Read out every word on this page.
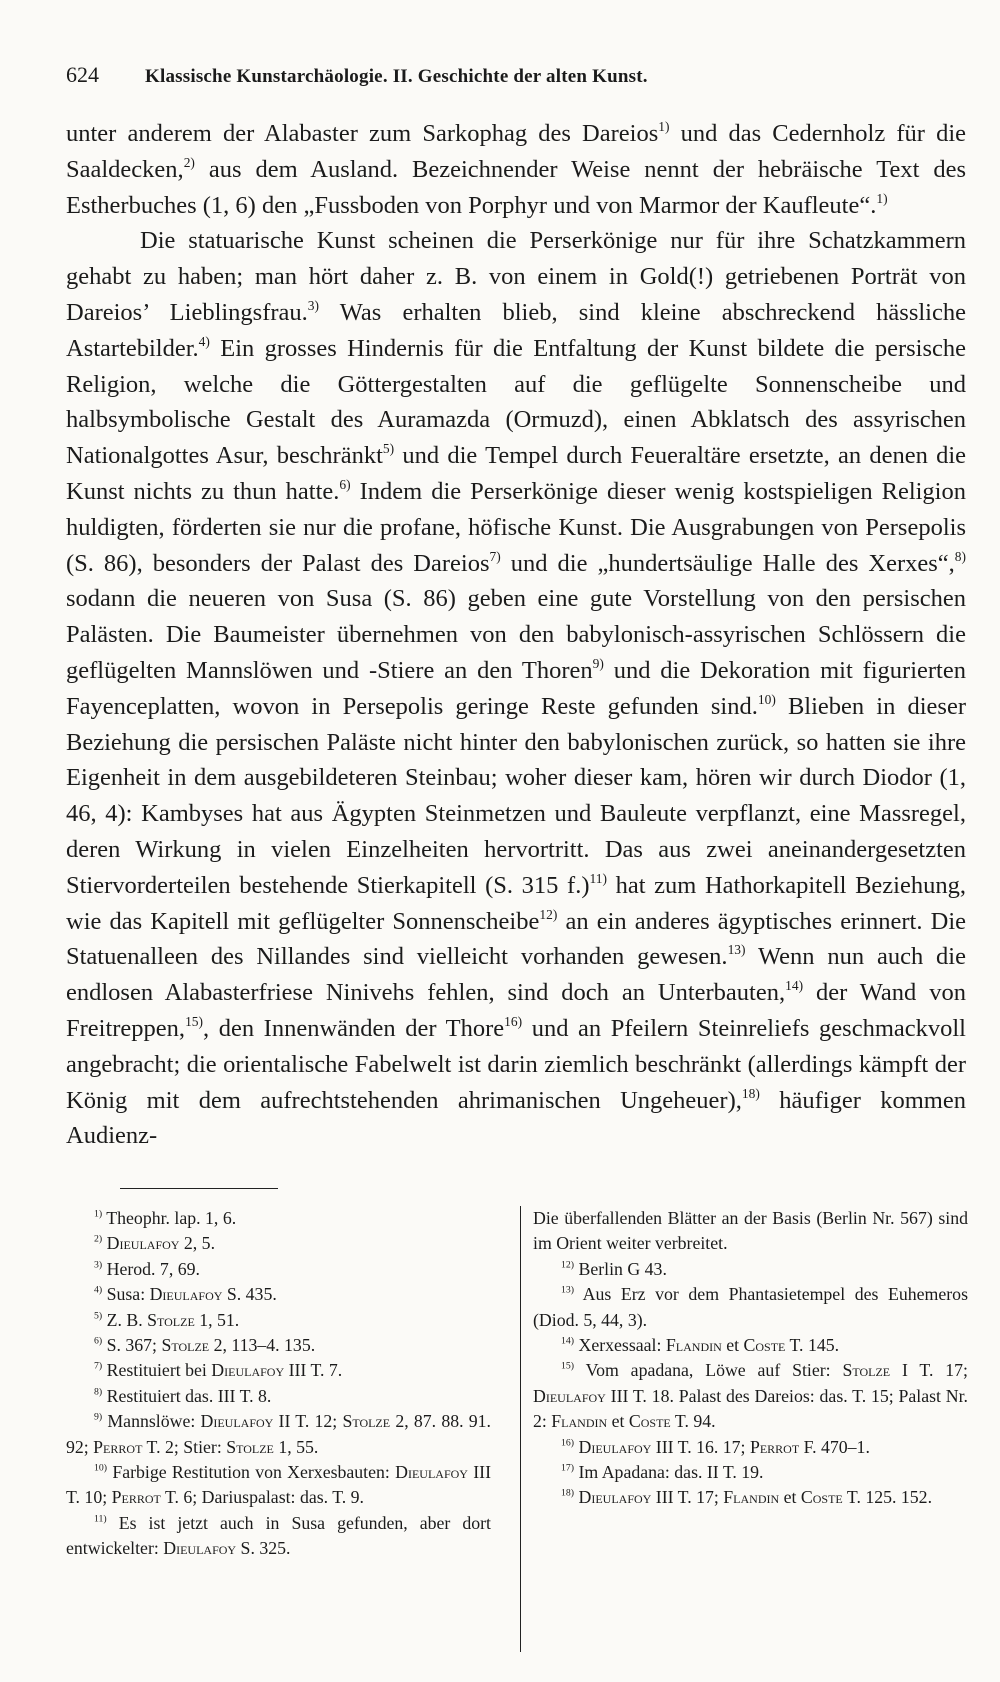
624 Klassische Kunstarchäologie. II. Geschichte der alten Kunst.

unter anderem der Alabaster zum Sarkophag des Dareios$^{1)}$ und das Cedernholz für die Saaldecken,$^{2)}$ aus dem Ausland. Bezeichnender Weise nennt der hebräische Text des Estherbuches (1, 6) den „Fussboden von Porphyr und von Marmor der Kaufleute“.$^{1)}$

Die statuarische Kunst scheinen die Perserkönige nur für ihre Schatzkammern gehabt zu haben; man hört daher z. B. von einem in Gold(!) getriebenen Porträt von Dareios’ Lieblingsfrau.$^{3)}$ Was erhalten blieb, sind kleine abschreckend hässliche Astartebilder.$^{4)}$ Ein grosses Hindernis für die Entfaltung der Kunst bildete die persische Religion, welche die Göttergestalten auf die geflügelte Sonnenscheibe und halbsymbolische Gestalt des Auramazda (Ormuzd), einen Abklatsch des assyrischen Nationalgottes Asur, beschränkt$^{5)}$ und die Tempel durch Feueraltäre ersetzte, an denen die Kunst nichts zu thun hatte.$^{6)}$ Indem die Perserkönige dieser wenig kostspieligen Religion huldigten, förderten sie nur die profane, höfische Kunst. Die Ausgrabungen von Persepolis (S. 86), besonders der Palast des Dareios$^{7)}$ und die „hundertsäulige Halle des Xerxes“,$^{8)}$ sodann die neueren von Susa (S. 86) geben eine gute Vorstellung von den persischen Palästen. Die Baumeister übernehmen von den babylonisch-assyrischen Schlössern die geflügelten Mannslöwen und -Stiere an den Thoren$^{9)}$ und die Dekoration mit figurierten Fayenceplatten, wovon in Persepolis geringe Reste gefunden sind.$^{10)}$ Blieben in dieser Beziehung die persischen Paläste nicht hinter den babylonischen zurück, so hatten sie ihre Eigenheit in dem ausgebildeteren Steinbau; woher dieser kam, hören wir durch Diodor (1, 46, 4): Kambyses hat aus Ägypten Steinmetzen und Bauleute verpflanzt, eine Massregel, deren Wirkung in vielen Einzelheiten hervortritt. Das aus zwei aneinandergesetzten Stiervorderteilen bestehende Stierkapitell (S. 315 f.)$^{11)}$ hat zum Hathorkapitell Beziehung, wie das Kapitell mit geflügelter Sonnenscheibe$^{12)}$ an ein anderes ägyptisches erinnert. Die Statuenalleen des Nillandes sind vielleicht vorhanden gewesen.$^{13)}$ Wenn nun auch die endlosen Alabasterfriese Ninivehs fehlen, sind doch an Unterbauten,$^{14)}$ der Wand von Freitreppen,$^{15)}$, den Innenwänden der Thore$^{16)}$ und an Pfeilern Steinreliefs geschmackvoll angebracht; die orientalische Fabelwelt ist darin ziemlich beschränkt (allerdings kämpft der König mit dem aufrechtstehenden ahrimanischen Ungeheuer),$^{18)}$ häufiger kommen Audienz-

$^{1)}$ Theophr. lap. 1, 6.

$^{2)}$ Dieulafoy 2, 5.

$^{3)}$ Herod. 7, 69.

$^{4)}$ Susa: Dieulafoy S. 435.

$^{5)}$ Z. B. Stolze 1, 51.

$^{6)}$ S. 367; Stolze 2, 113–4. 135.

$^{7)}$ Restituiert bei Dieulafoy III T. 7.

$^{8)}$ Restituiert das. III T. 8.

$^{9)}$ Mannslöwe: Dieulafoy II T. 12; Stolze 2, 87. 88. 91. 92; Perrot T. 2; Stier: Stolze 1, 55.

$^{10)}$ Farbige Restitution von Xerxesbauten: Dieulafoy III T. 10; Perrot T. 6; Dariuspalast: das. T. 9.

$^{11)}$ Es ist jetzt auch in Susa gefunden, aber dort entwickelter: Dieulafoy S. 325.

Die überfallenden Blätter an der Basis (Berlin Nr. 567) sind im Orient weiter verbreitet.

$^{12)}$ Berlin G 43.

$^{13)}$ Aus Erz vor dem Phantasietempel des Euhemeros (Diod. 5, 44, 3).

$^{14)}$ Xerxessaal: Flandin et Coste T. 145.

$^{15)}$ Vom apadana, Löwe auf Stier: Stolze I T. 17; Dieulafoy III T. 18. Palast des Dareios: das. T. 15; Palast Nr. 2: Flandin et Coste T. 94.

$^{16)}$ Dieulafoy III T. 16. 17; Perrot F. 470–1.

$^{17)}$ Im Apadana: das. II T. 19.

$^{18)}$ Dieulafoy III T. 17; Flandin et Coste T. 125. 152.
